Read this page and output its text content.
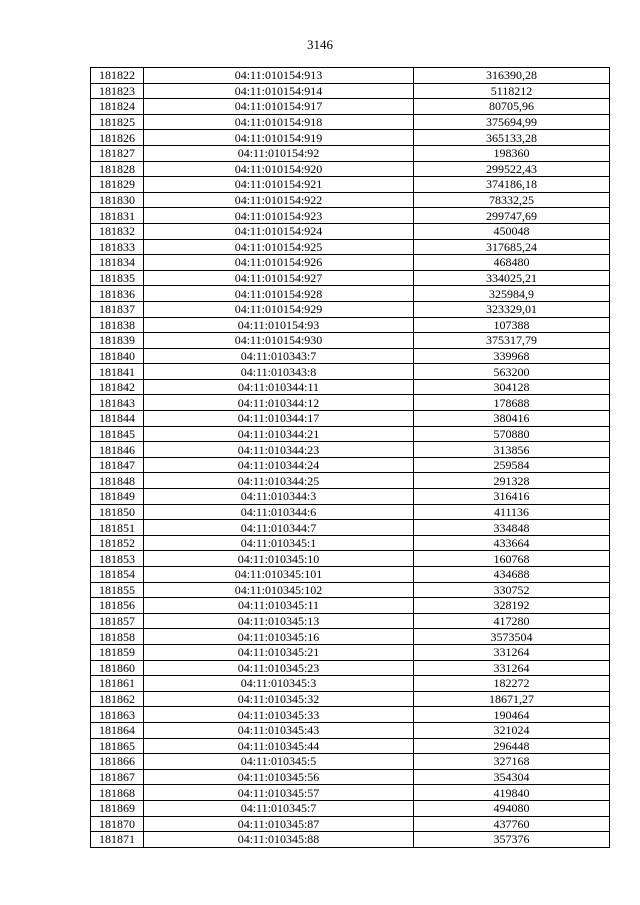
3146
181822	04:11:010154:913	316390,28
181823	04:11:010154:914	5118212
181824	04:11:010154:917	80705,96
181825	04:11:010154:918	375694,99
181826	04:11:010154:919	365133,28
181827	04:11:010154:92	198360
181828	04:11:010154:920	299522,43
181829	04:11:010154:921	374186,18
181830	04:11:010154:922	78332,25
181831	04:11:010154:923	299747,69
181832	04:11:010154:924	450048
181833	04:11:010154:925	317685,24
181834	04:11:010154:926	468480
181835	04:11:010154:927	334025,21
181836	04:11:010154:928	325984,9
181837	04:11:010154:929	323329,01
181838	04:11:010154:93	107388
181839	04:11:010154:930	375317,79
181840	04:11:010343:7	339968
181841	04:11:010343:8	563200
181842	04:11:010344:11	304128
181843	04:11:010344:12	178688
181844	04:11:010344:17	380416
181845	04:11:010344:21	570880
181846	04:11:010344:23	313856
181847	04:11:010344:24	259584
181848	04:11:010344:25	291328
181849	04:11:010344:3	316416
181850	04:11:010344:6	411136
181851	04:11:010344:7	334848
181852	04:11:010345:1	433664
181853	04:11:010345:10	160768
181854	04:11:010345:101	434688
181855	04:11:010345:102	330752
181856	04:11:010345:11	328192
181857	04:11:010345:13	417280
181858	04:11:010345:16	3573504
181859	04:11:010345:21	331264
181860	04:11:010345:23	331264
181861	04:11:010345:3	182272
181862	04:11:010345:32	18671,27
181863	04:11:010345:33	190464
181864	04:11:010345:43	321024
181865	04:11:010345:44	296448
181866	04:11:010345:5	327168
181867	04:11:010345:56	354304
181868	04:11:010345:57	419840
181869	04:11:010345:7	494080
181870	04:11:010345:87	437760
181871	04:11:010345:88	357376
